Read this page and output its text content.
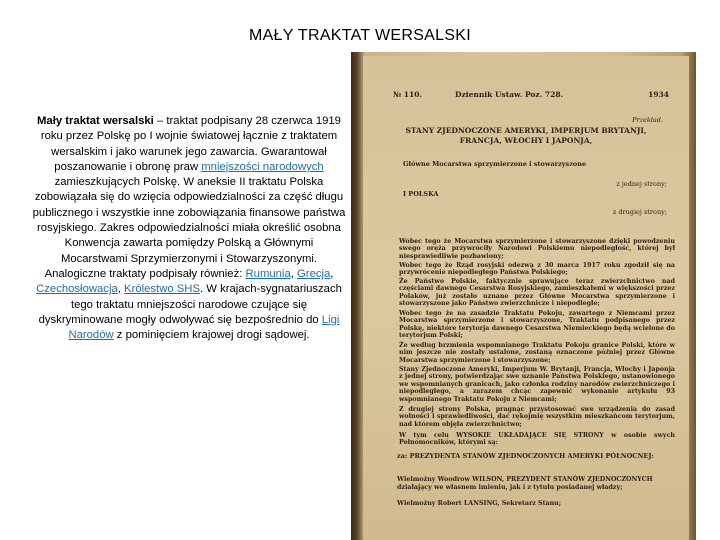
MAŁY TRAKTAT WERSALSKI
Mały traktat wersalski – traktat podpisany 28 czerwca 1919 roku przez Polskę po I wojnie światowej łącznie z traktatem wersalskim i jako warunek jego zawarcia. Gwarantował poszanowanie i obronę praw mniejszości narodowych zamieszkujących Polskę. W aneksie II traktatu Polska zobowiązała się do wzięcia odpowiedzialności za część długu publicznego i wszystkie inne zobowiązania finansowe państwa rosyjskiego. Zakres odpowiedzialności miała określić osobna Konwencja zawarta pomiędzy Polską a Głównymi Mocarstwami Sprzymierzonymi i Stowarzyszonymi. Analogiczne traktaty podpisały również: Rumunia, Grecja, Czechosłowacja, Królestwo SHS. W krajach-sygnatariuszach tego traktatu mniejszości narodowe czujące się dyskryminowane mogły odwoływać się bezpośrednio do Ligi Narodów z pominięciem krajowej drogi sądowej.
№ 110.	Dziennik Ustaw. Poz. 728.	1934
Przekład.
STANY ZJEDNOCZONE AMERYKI, IMPERJUM BRYTANJI, FRANCJA, WŁOCHY I JAPONJA,
Główne Mocarstwa sprzymierzone i stowarzyszone
z jednej strony;
I POLSKA
z drugiej strony;
Wobec tego że Mocarstwa sprzymierzone i stowarzyszone dzięki powodzeniu swego oręża przywróciły Narodowi Polskiemu niepodległość, której był niesprawiedliwie pozbawiony;
Wobec tego że Rząd rosyjski odezwą z 30 marca 1917 roku zgodził się na przywrócenie niepodległego Państwa Polskiego;
Że Państwo Polskie, faktycznie sprawujące teraz zwierzchnictwo nad częściami dawnego Cesarstwa Rosyjskiego, zamieszkałemi w większości przez Polaków, już zostało uznane przez Główne Mocarstwa sprzymierzone i stowarzyszone jako Państwo zwierzchnicze i niepodległe;
Wobec tego że na zasadzie Traktatu Pokoju, zawartego z Niemcami przez Mocarstwa sprzymierzone i stowarzyszone, Traktatu podpisanego przez Polskę, niektóre terytorja dawnego Cesarstwa Niemieckiego będą wcielone do terytorjum Polski;
Że według brzmienia wspomnianego Traktatu Pokoju granice Polski, które w nim jeszcze nie zostały ustalone, zostaną oznaczone później przez Główne Mocarstwa sprzymierzone i stowarzyszone;
Stany Zjednoczone Ameryki, Imperjum W. Brytanji, Francja, Włochy i Japonja z jednej strony, potwierdzając swe uznanie Państwa Polskiego, ustanowionego we wspomnianych granicach, jako członka rodziny narodów zwierzchniczego i niepodległego, a zarazem chcąc zapewnić wykonanie artykułu 93 wspomnianego Traktatu Pokoju z Niemcami;
Z drugiej strony Polska, pragnąc przystosować swe urządzenia do zasad wolności i sprawiedliwości, dać rękojmię wszystkim mieszkańcom terytorjum, nad którem objęła zwierzchnictwo;
W tym celu WYSOKIE UKŁADAJĄCE SIĘ STRONY w osobie swych Pełnomocników, którymi są:
za: PREZYDENTA STANÓW ZJEDNOCZONYCH AMERYKI PÓŁNOCNEJ:
Wielmożny Woodrow WILSON, PREZYDENT STANÓW ZJEDNOCZONYCH działający we własnem imieniu, jak i z tytułu posiadanej władzy;
Wielmożny Robert LANSING, Sekretarz Stanu;
